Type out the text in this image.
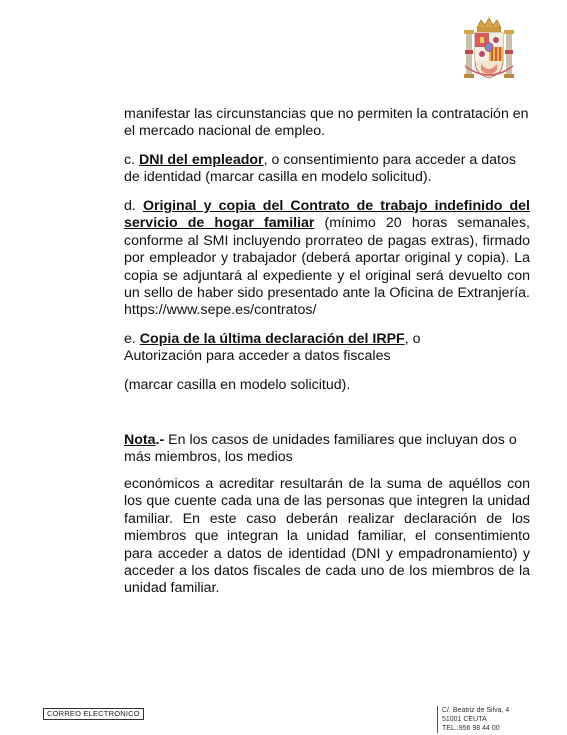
manifestar las circunstancias que no permiten la contratación en el mercado nacional de empleo.
c. DNI del empleador, o consentimiento para acceder a datos de identidad (marcar casilla en modelo solicitud).
d. Original y copia del Contrato de trabajo indefinido del servicio de hogar familiar (mínimo 20 horas semanales, conforme al SMI incluyendo prorrateo de pagas extras), firmado por empleador y trabajador (deberá aportar original y copia). La copia se adjuntará al expediente y el original será devuelto con un sello de haber sido presentado ante la Oficina de Extranjería. https://www.sepe.es/contratos/
e. Copia de la última declaración del IRPF, o
Autorización para acceder a datos fiscales
(marcar casilla en modelo solicitud).
Nota.- En los casos de unidades familiares que incluyan dos o más miembros, los medios
económicos a acreditar resultarán de la suma de aquéllos con los que cuente cada una de las personas que integren la unidad familiar. En este caso deberán realizar declaración de los miembros que integran la unidad familiar, el consentimiento para acceder a datos de identidad (DNI y empadronamiento) y acceder a los datos fiscales de cada uno de los miembros de la unidad familiar.
CORREO ELECTRONICO	C/. Beatriz de Silva, 4
51001 CEUTA
TEL.:956 98 44 00
